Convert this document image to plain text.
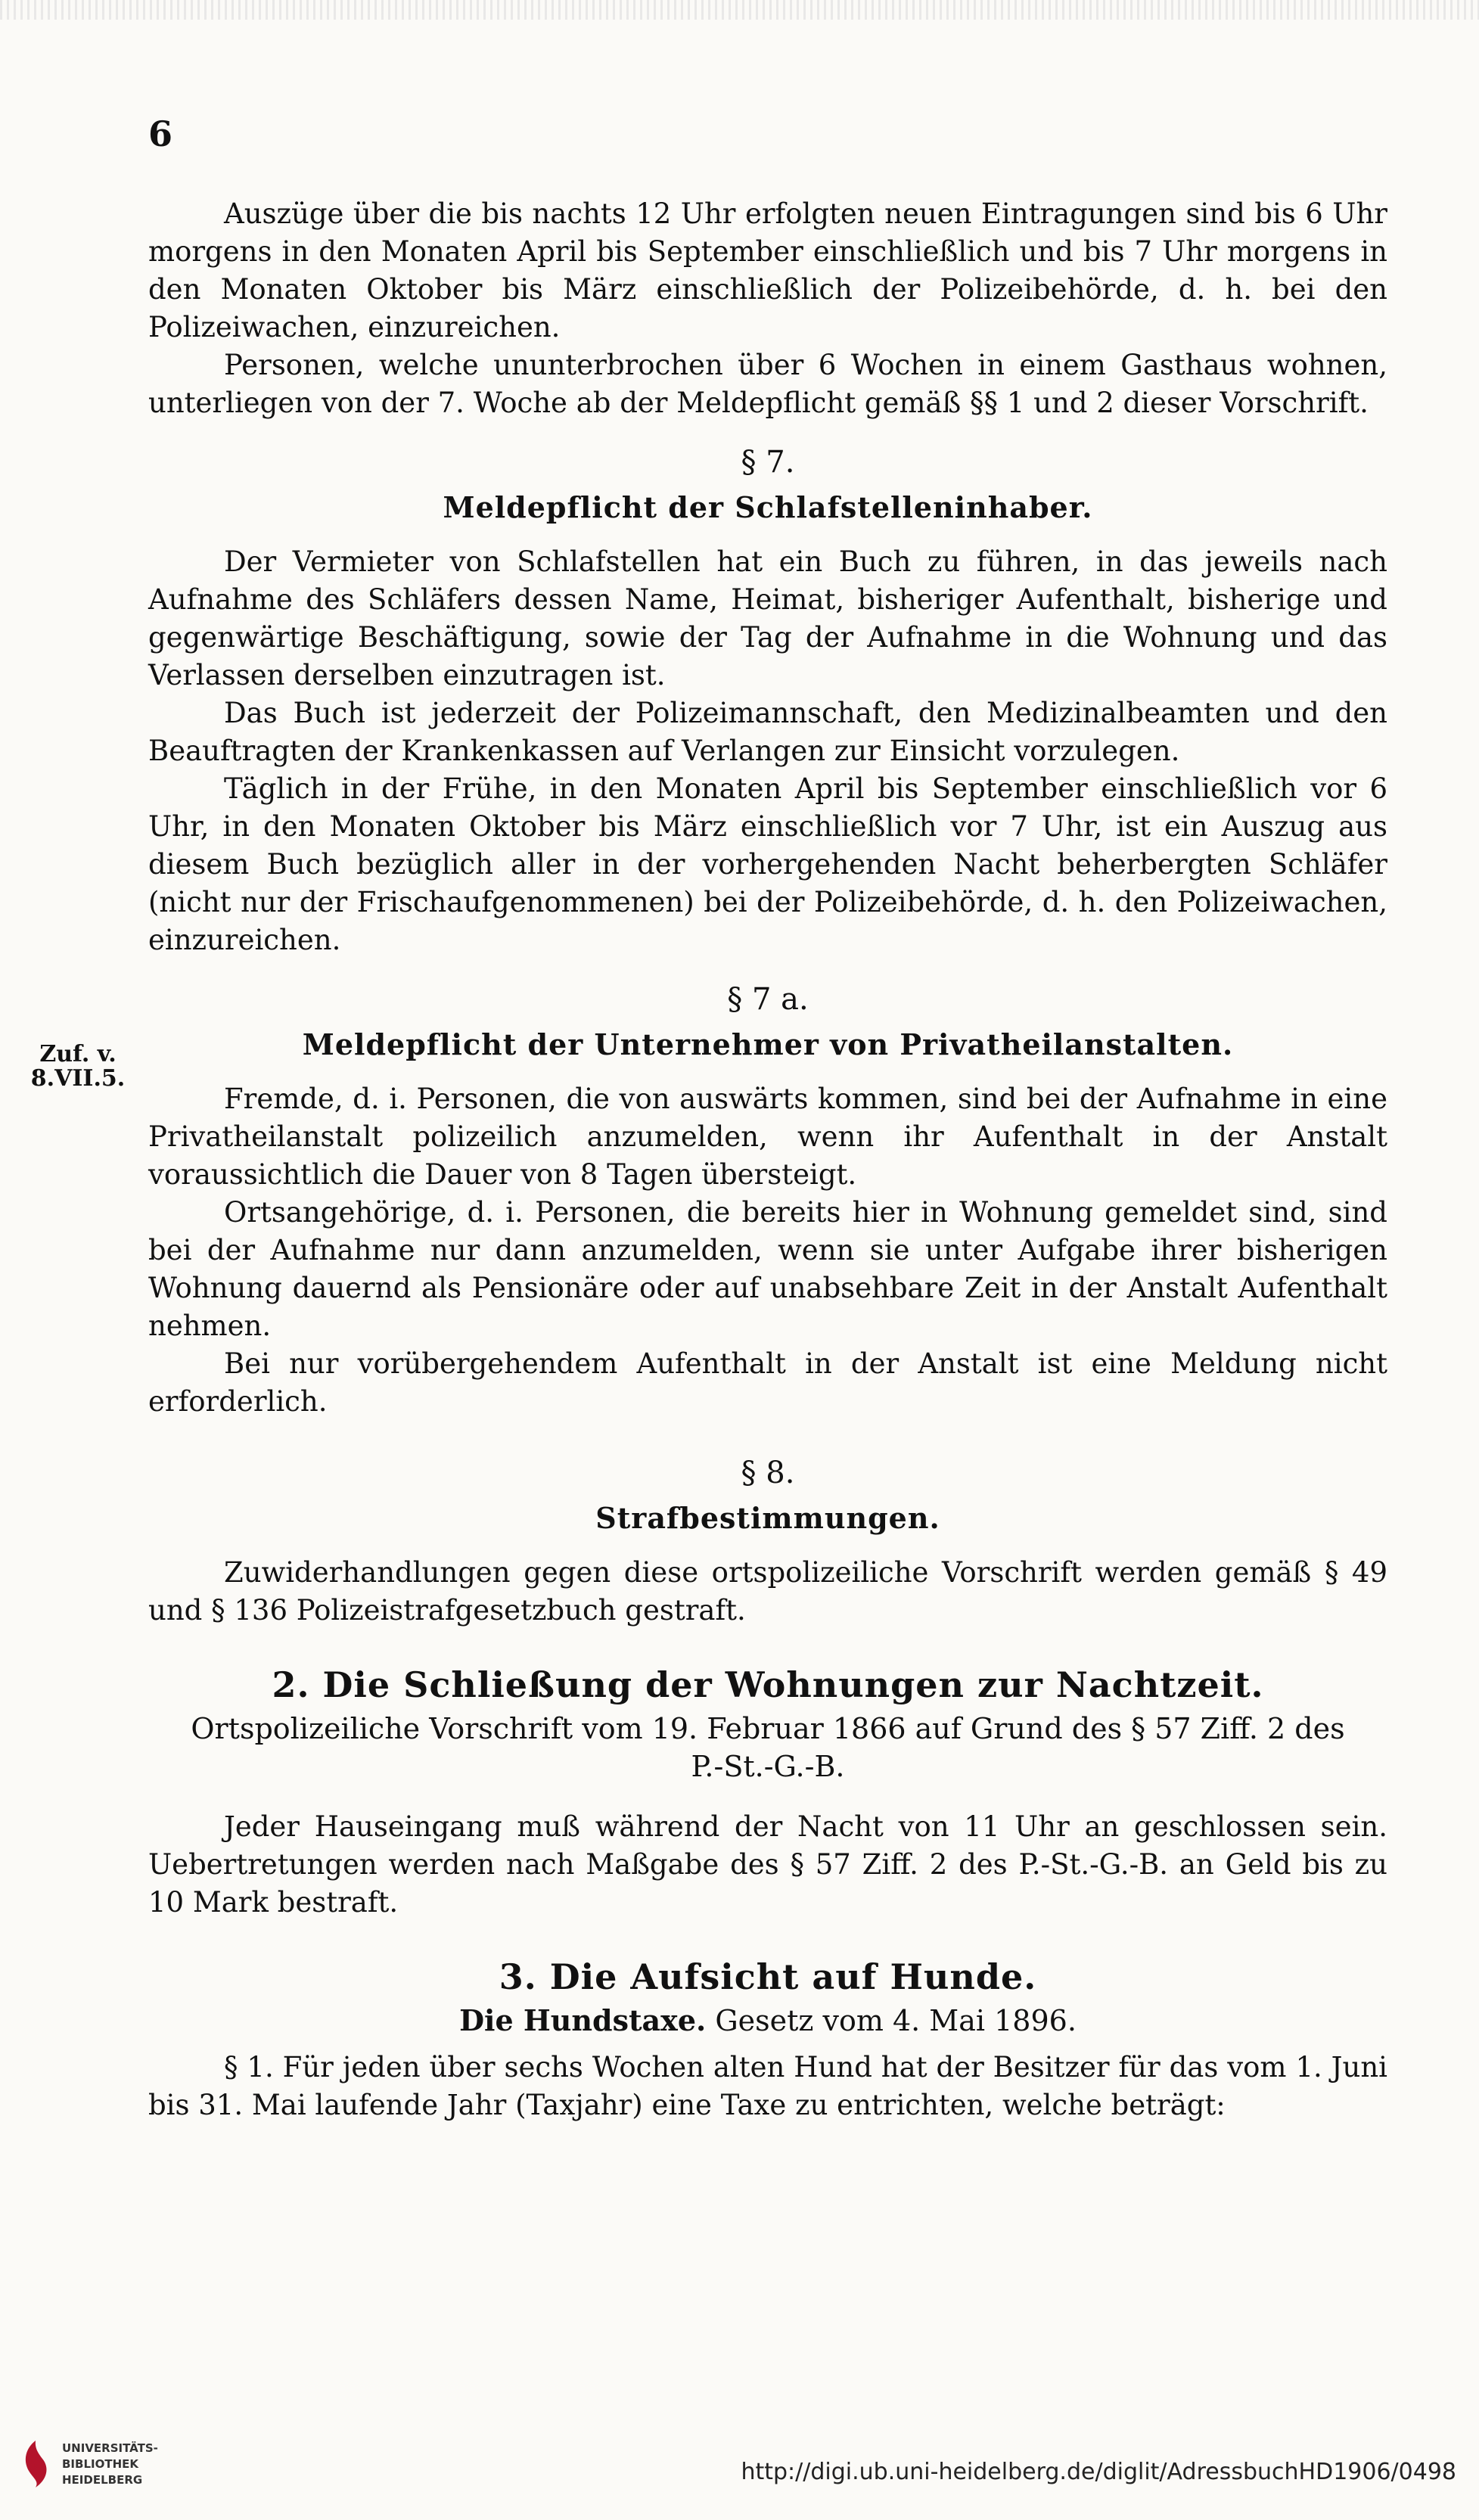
6
Zuf. v.
8.VII.5.

Auszüge über die bis nachts 12 Uhr erfolgten neuen Eintragungen sind bis 6 Uhr morgens in den Monaten April bis September einschließlich und bis 7 Uhr morgens in den Monaten Oktober bis März einschließlich der Polizeibehörde, d. h. bei den Polizeiwachen, einzureichen.

Personen, welche ununterbrochen über 6 Wochen in einem Gasthaus wohnen, unterliegen von der 7. Woche ab der Meldepflicht gemäß §§ 1 und 2 dieser Vorschrift.

§ 7.
Meldepflicht der Schlafstelleninhaber.

Der Vermieter von Schlafstellen hat ein Buch zu führen, in das jeweils nach Aufnahme des Schläfers dessen Name, Heimat, bisheriger Aufenthalt, bisherige und gegenwärtige Beschäftigung, sowie der Tag der Aufnahme in die Wohnung und das Verlassen derselben einzutragen ist.

Das Buch ist jederzeit der Polizeimannschaft, den Medizinalbeamten und den Beauftragten der Krankenkassen auf Verlangen zur Einsicht vorzulegen.

Täglich in der Frühe, in den Monaten April bis September einschließlich vor 6 Uhr, in den Monaten Oktober bis März einschließlich vor 7 Uhr, ist ein Auszug aus diesem Buch bezüglich aller in der vorhergehenden Nacht beherbergten Schläfer (nicht nur der Frischaufgenommenen) bei der Polizeibehörde, d. h. den Polizeiwachen, einzureichen.

§ 7 a.
Meldepflicht der Unternehmer von Privatheilanstalten.

Fremde, d. i. Personen, die von auswärts kommen, sind bei der Aufnahme in eine Privatheilanstalt polizeilich anzumelden, wenn ihr Aufenthalt in der Anstalt voraussichtlich die Dauer von 8 Tagen übersteigt.

Ortsangehörige, d. i. Personen, die bereits hier in Wohnung gemeldet sind, sind bei der Aufnahme nur dann anzumelden, wenn sie unter Aufgabe ihrer bisherigen Wohnung dauernd als Pensionäre oder auf unabsehbare Zeit in der Anstalt Aufenthalt nehmen.

Bei nur vorübergehendem Aufenthalt in der Anstalt ist eine Meldung nicht erforderlich.

§ 8.
Strafbestimmungen.

Zuwiderhandlungen gegen diese ortspolizeiliche Vorschrift werden gemäß § 49 und § 136 Polizeistrafgesetzbuch gestraft.

2. Die Schließung der Wohnungen zur Nachtzeit.
Ortspolizeiliche Vorschrift vom 19. Februar 1866 auf Grund des § 57 Ziff. 2 des
P.-St.-G.-B.

Jeder Hauseingang muß während der Nacht von 11 Uhr an geschlossen sein. Uebertretungen werden nach Maßgabe des § 57 Ziff. 2 des P.-St.-G.-B. an Geld bis zu 10 Mark bestraft.

3. Die Aufsicht auf Hunde.
Die Hundstaxe. Gesetz vom 4. Mai 1896.

§ 1. Für jeden über sechs Wochen alten Hund hat der Besitzer für das vom 1. Juni bis 31. Mai laufende Jahr (Taxjahr) eine Taxe zu entrichten, welche beträgt:

UNIVERSITÄTS-
BIBLIOTHEK
HEIDELBERG	http://digi.ub.uni-heidelberg.de/diglit/AdressbuchHD1906/0498
